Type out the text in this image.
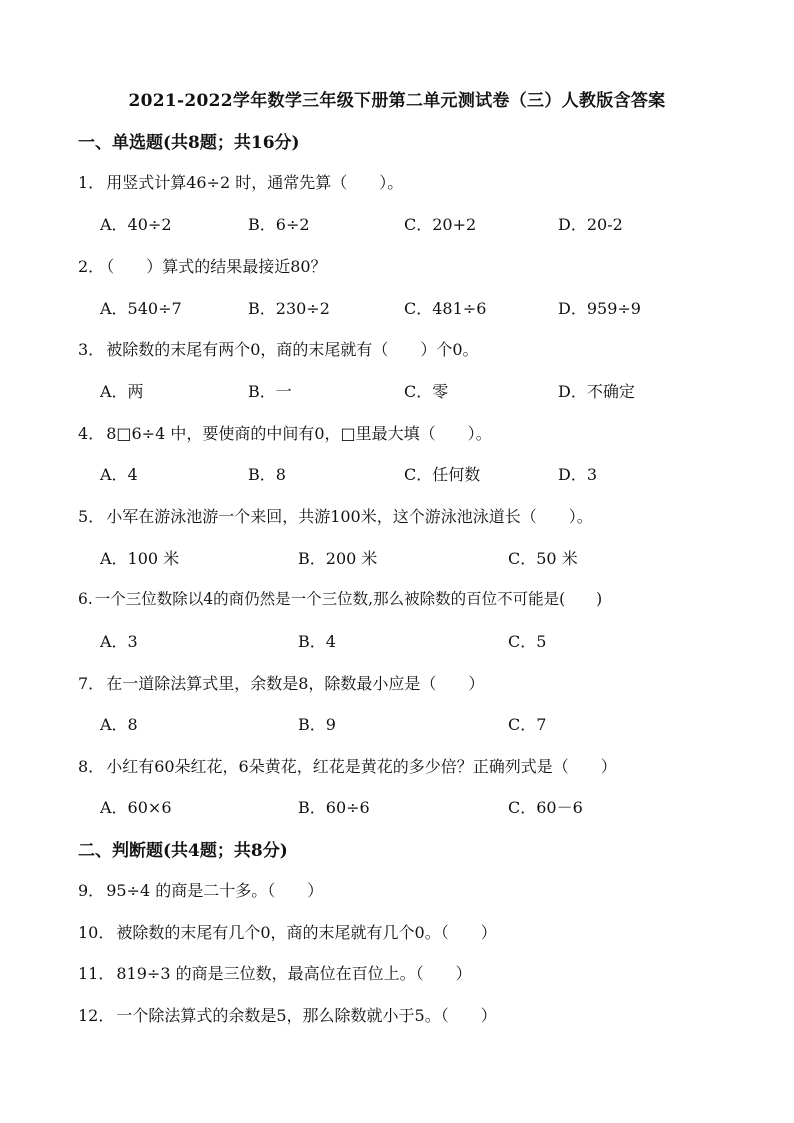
2021-2022学年数学三年级下册第二单元测试卷（三）人教版含答案
一、单选题(共8题；共16分)
1． 用竖式计算46÷2 时，通常先算（　　）。
A．40÷2	B．6÷2	C．20+2	D．20-2
2． （　　）算式的结果最接近80？
A．540÷7	B．230÷2	C．481÷6	D．959÷9
3． 被除数的末尾有两个0，商的末尾就有（　　）个0。
A．两	B．一	C．零	D．不确定
4． 8□6÷4 中，要使商的中间有0，□里最大填（　　）。
A．4	B．8	C．任何数	D．3
5． 小军在游泳池游一个来回，共游100米，这个游泳池泳道长（　　）。
A．100 米	B．200 米	C．50 米
6. 一个三位数除以4的商仍然是一个三位数,那么被除数的百位不可能是(　　)
A．3	B．4	C．5
7． 在一道除法算式里，余数是8，除数最小应是（　　）
A．8	B．9	C．7
8． 小红有60朵红花，6朵黄花，红花是黄花的多少倍？正确列式是（　　）
A．60×6	B．60÷6	C．60－6
二、判断题(共4题；共8分)
9． 95÷4 的商是二十多。（　　）
10． 被除数的末尾有几个0，商的末尾就有几个0。（　　）
11． 819÷3 的商是三位数，最高位在百位上。（　　）
12． 一个除法算式的余数是5，那么除数就小于5。（　　）
